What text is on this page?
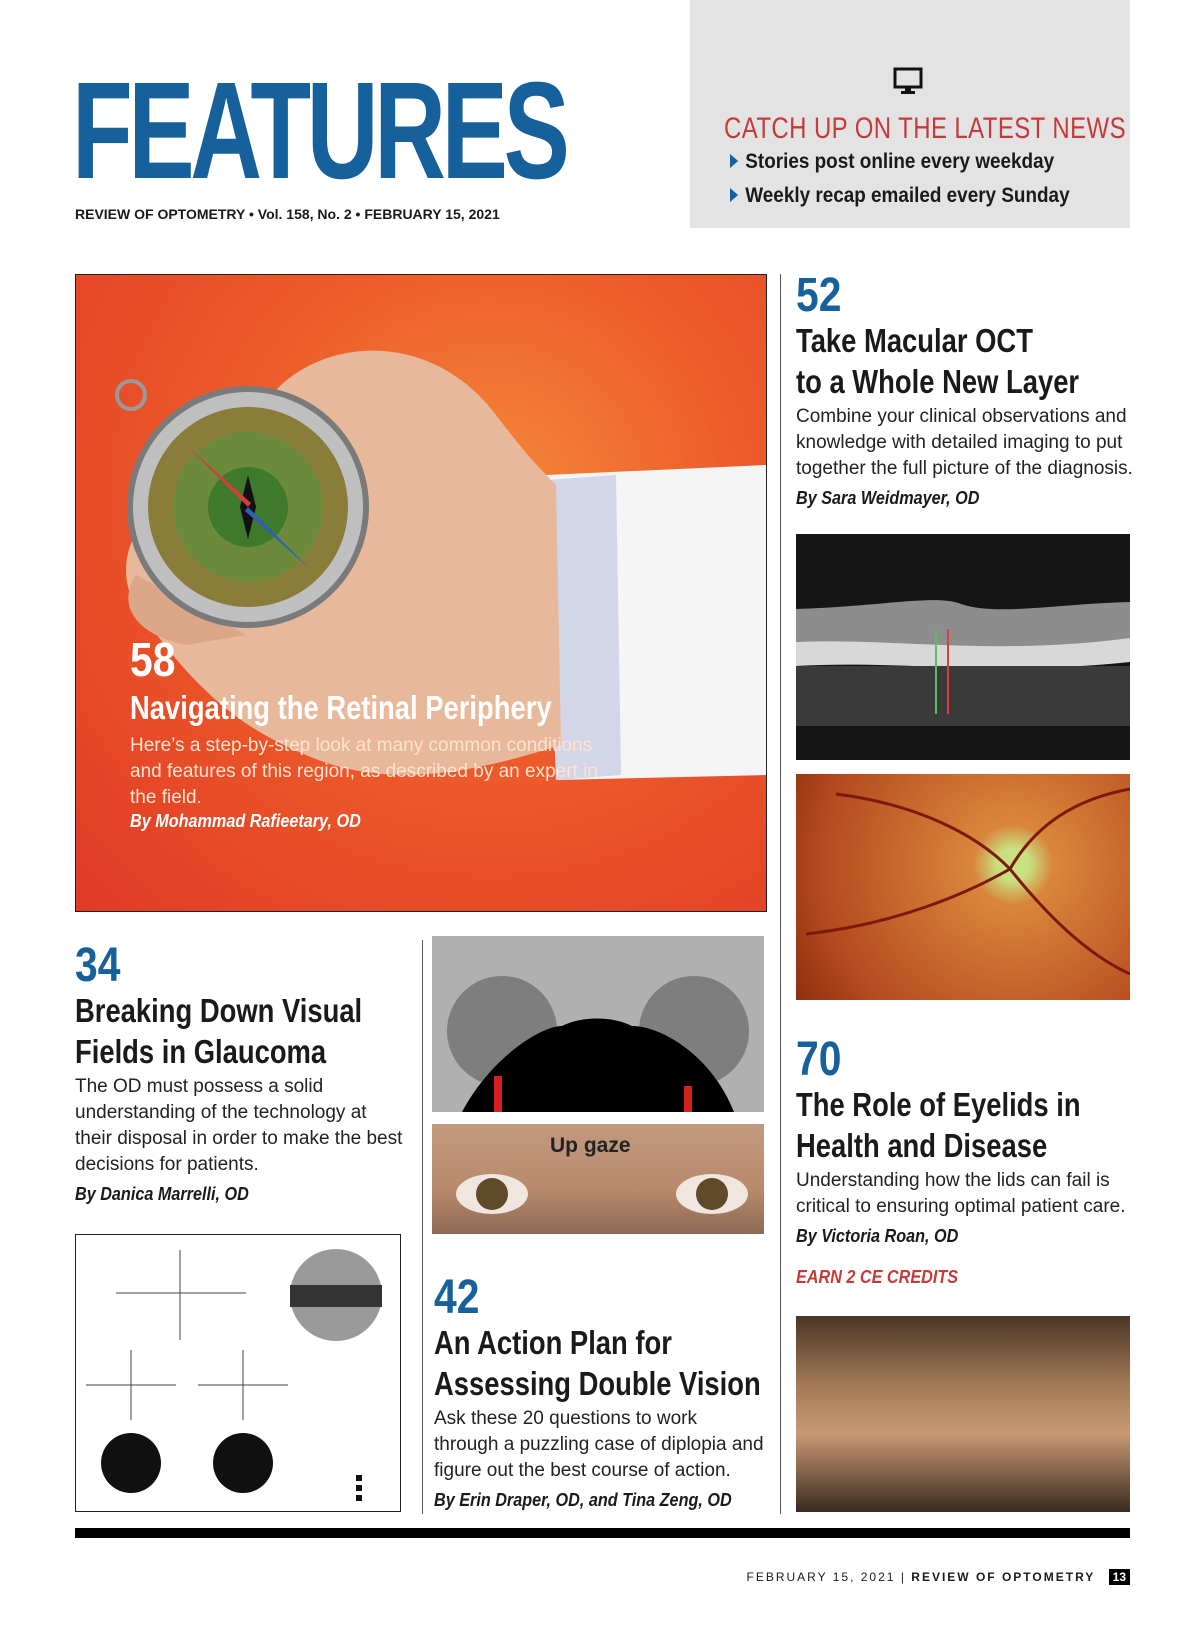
FEATURES
REVIEW OF OPTOMETRY • Vol. 158, No. 2 • FEBRUARY 15, 2021
CATCH UP ON THE LATEST NEWS
Stories post online every weekday
Weekly recap emailed every Sunday
58
Navigating the Retinal Periphery
Here’s a step-by-step look at many common conditions and features of this region, as described by an expert in the field.
By Mohammad Rafieetary, OD
52
Take Macular OCT
to a Whole New Layer
Combine your clinical observations and knowledge with detailed imaging to put together the full picture of the diagnosis.
By Sara Weidmayer, OD
70
The Role of Eyelids in
Health and Disease
Understanding how the lids can fail is critical to ensuring optimal patient care.
By Victoria Roan, OD
EARN 2 CE CREDITS
34
Breaking Down Visual
Fields in Glaucoma
The OD must possess a solid understanding of the technology at their disposal in order to make the best decisions for patients.
By Danica Marrelli, OD
Up gaze
42
An Action Plan for
Assessing Double Vision
Ask these 20 questions to work through a puzzling case of diplopia and figure out the best course of action.
By Erin Draper, OD, and Tina Zeng, OD
FEBRUARY 15, 2021 | REVIEW OF OPTOMETRY 13
